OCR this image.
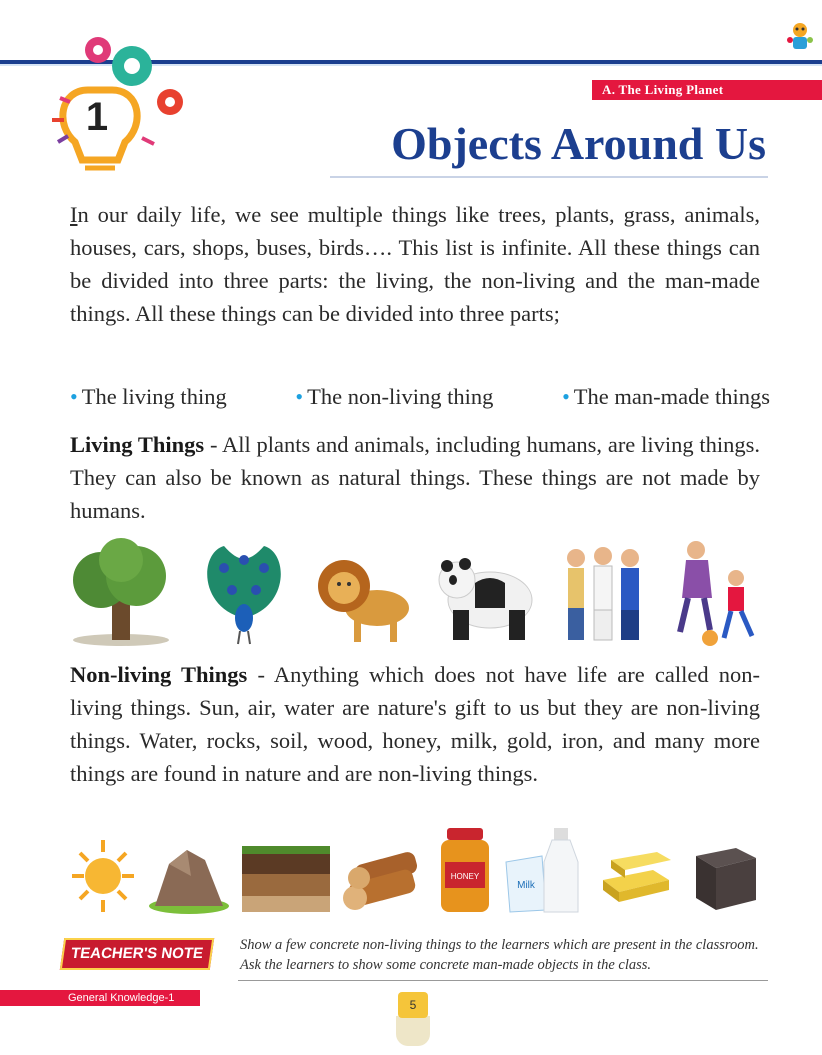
1
A. The Living Planet
Objects Around Us
In our daily life, we see multiple things like trees, plants, grass, animals, houses, cars, shops, buses, birds…. This list is infinite. All these things can be divided into three parts: the living, the non-living and the man-made things. All these things can be divided into three parts;
• The living thing	• The non-living thing	• The man-made things
Living Things - All plants and animals, including humans, are living things. They can also be known as natural things. These things are not made by humans.
Non-living Things - Anything which does not have life are called non-living things. Sun, air, water are nature's gift to us but they are non-living things. Water, rocks, soil, wood, honey, milk, gold, iron, and many more things are found in nature and are non-living things.
HONEY
Milk
TEACHER'S NOTE	Show a few concrete non-living things to the learners which are present in the classroom. Ask the learners to show some concrete man-made objects in the class.
General Knowledge-1	5
